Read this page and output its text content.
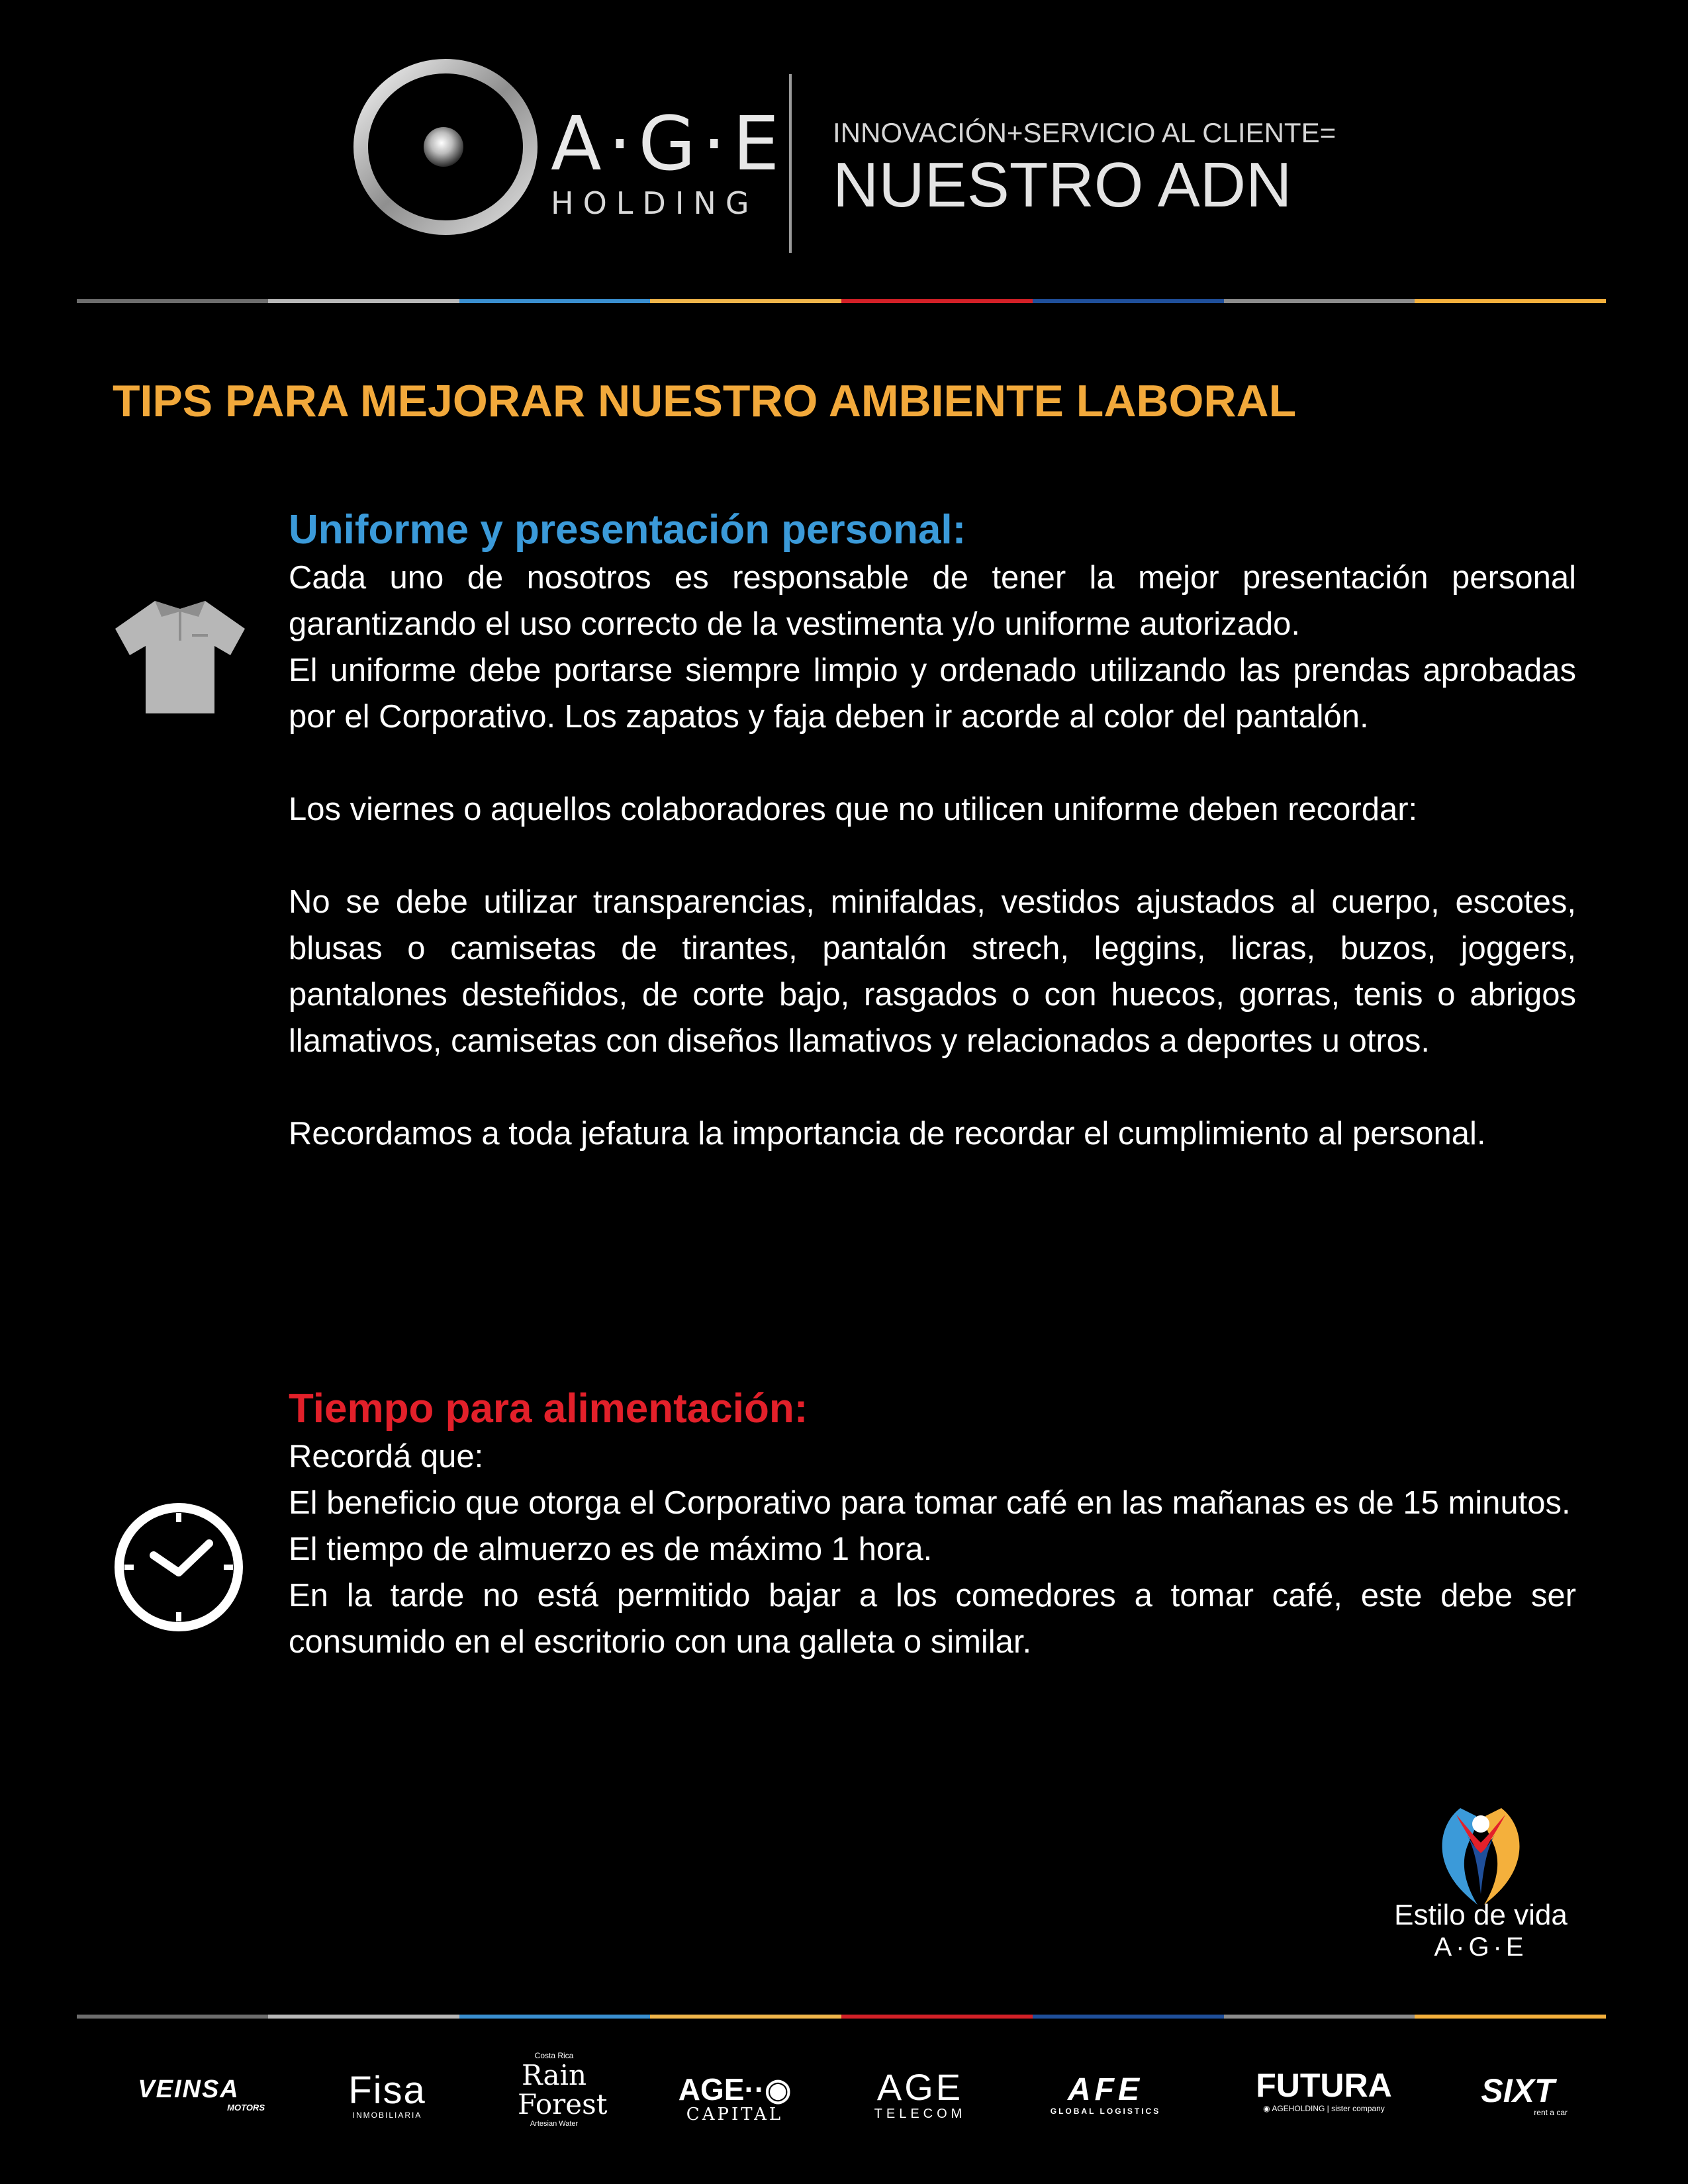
A·G·E
HOLDING
INNOVACIÓN+SERVICIO AL CLIENTE=
NUESTRO ADN
TIPS PARA MEJORAR NUESTRO AMBIENTE LABORAL
Uniforme y presentación personal:

Cada uno de nosotros es responsable de tener la mejor presentación personal garantizando el uso correcto de la vestimenta y/o uniforme autorizado.

El uniforme debe portarse siempre limpio y ordenado utilizando las prendas aprobadas por el Corporativo. Los zapatos y faja deben ir acorde al color del pantalón.

Los viernes o aquellos colaboradores que no utilicen uniforme deben recordar:

No se debe utilizar transparencias, minifaldas, vestidos ajustados al cuerpo, escotes, blusas o camisetas de tirantes, pantalón strech, leggins, licras, buzos, joggers, pantalones desteñidos, de corte bajo, rasgados o con huecos, gorras, tenis o abrigos llamativos, camisetas con diseños llamativos y relacionados a deportes u otros.

Recordamos a toda jefatura la importancia de recordar el cumplimiento al personal.

Tiempo para alimentación:

Recordá que:

El beneficio que otorga el Corporativo para tomar café en las mañanas es de 15 minutos.

El tiempo de almuerzo es de máximo 1 hora.

En la tarde no está permitido bajar a los comedores a tomar café, este debe ser consumido en el escritorio con una galleta o similar.

Estilo de vida
A·G·E
VEINSA
MOTORS	Fisa
INMOBILIARIA
Costa Rica
Rain Forest
Artesian Water
AGE··◉
CAPITAL
AGE
TELECOM
AFE
GLOBAL LOGISTICS
FUTURA
◉ AGEHOLDING | sister company	SIXT
rent a car
